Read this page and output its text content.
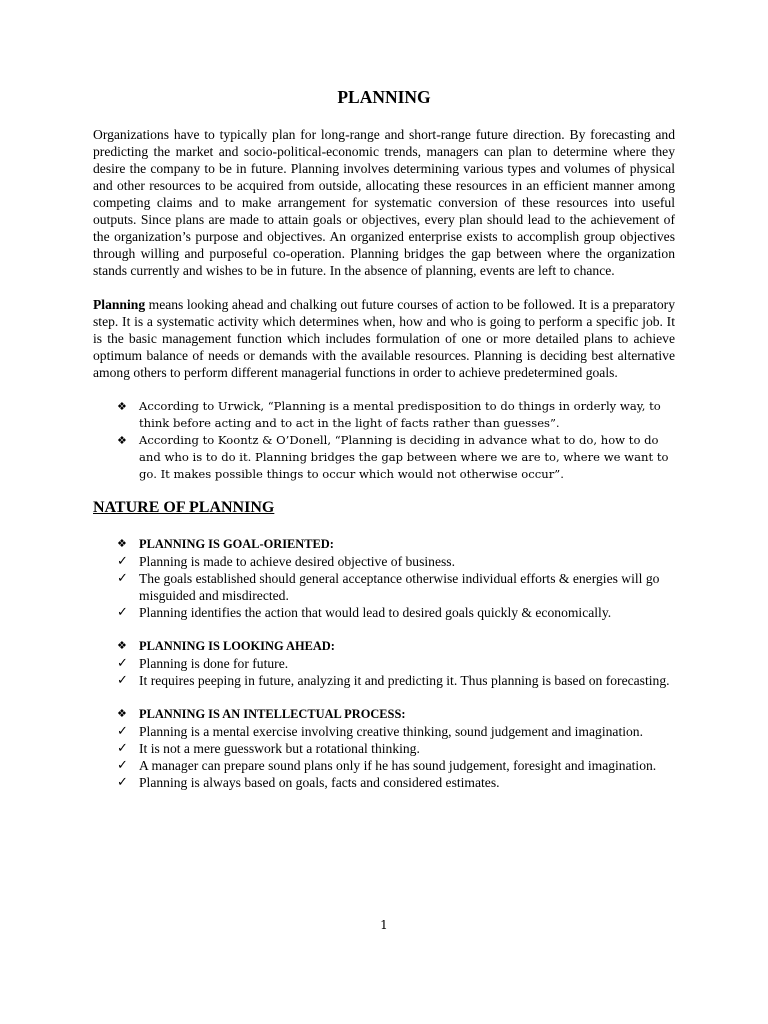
PLANNING

Organizations have to typically plan for long-range and short-range future direction. By forecasting and predicting the market and socio-political-economic trends, managers can plan to determine where they desire the company to be in future. Planning involves determining various types and volumes of physical and other resources to be acquired from outside, allocating these resources in an efficient manner among competing claims and to make arrangement for systematic conversion of these resources into useful outputs. Since plans are made to attain goals or objectives, every plan should lead to the achievement of the organization’s purpose and objectives. An organized enterprise exists to accomplish group objectives through willing and purposeful co-operation. Planning bridges the gap between where the organization stands currently and wishes to be in future. In the absence of planning, events are left to chance.

Planning means looking ahead and chalking out future courses of action to be followed. It is a preparatory step. It is a systematic activity which determines when, how and who is going to perform a specific job. It is the basic management function which includes formulation of one or more detailed plans to achieve optimum balance of needs or demands with the available resources. Planning is deciding best alternative among others to perform different managerial functions in order to achieve predetermined goals.

❖ According to Urwick, “Planning is a mental predisposition to do things in orderly way, to think before acting and to act in the light of facts rather than guesses”.
❖ According to Koontz & O’Donell, “Planning is deciding in advance what to do, how to do and who is to do it. Planning bridges the gap between where we are to, where we want to go. It makes possible things to occur which would not otherwise occur”.
NATURE OF PLANNING
❖ PLANNING IS GOAL-ORIENTED:
✓ Planning is made to achieve desired objective of business.
✓ The goals established should general acceptance otherwise individual efforts & energies will go misguided and misdirected.
✓ Planning identifies the action that would lead to desired goals quickly & economically.
❖ PLANNING IS LOOKING AHEAD:
✓ Planning is done for future.
✓ It requires peeping in future, analyzing it and predicting it. Thus planning is based on forecasting.
❖ PLANNING IS AN INTELLECTUAL PROCESS:
✓ Planning is a mental exercise involving creative thinking, sound judgement and imagination.
✓ It is not a mere guesswork but a rotational thinking.
✓ A manager can prepare sound plans only if he has sound judgement, foresight and imagination.
✓ Planning is always based on goals, facts and considered estimates.
1
